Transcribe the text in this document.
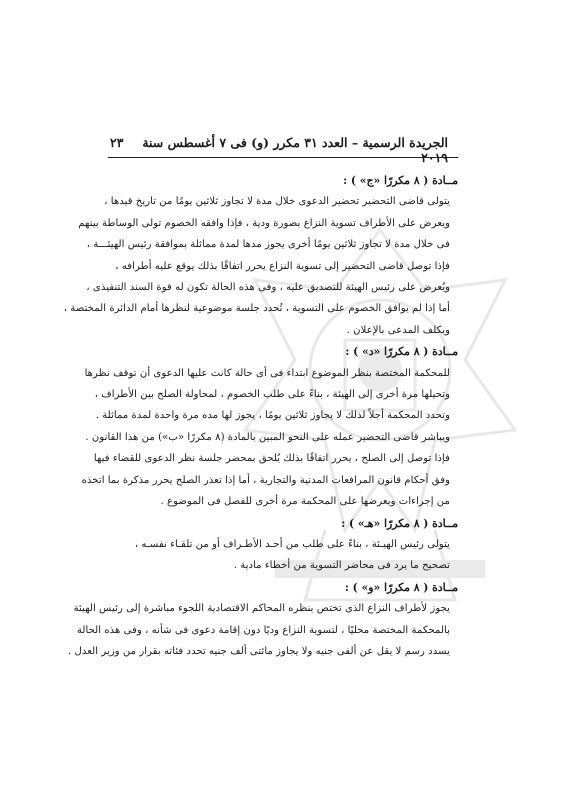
الجريدة الرسمية – العدد ٣١ مكرر (و) فى ٧ أغسطس سنة ٢٠١٩
٢٣
مــادة ( ٨ مكررًا «ج» ) :
يتولى قاضى التحضير تحضير الدعوى خلال مدة لا تجاوز ثلاثين يومًا من تاريخ قيدها ،
ويعرض على الأطراف تسوية النزاع بصورة ودية ، فإذا وافقه الخصوم تولى الوساطة بينهم
فى خلال مدة لا تجاوز ثلاثين يومًا أخرى يجوز مدها لمدة مماثلة بموافقة رئيس الهيئـــة ،
فإذا توصل قاضى التحضير إلى تسوية النزاع يحرر اتفاقًا بذلك يوقع عليه أطرافه ،
ويُعرض على رئيس الهيئة للتصديق عليه ، وفى هذه الحالة تكون له قوة السند التنفيذى ،
أما إذا لم يوافق الخصوم على التسوية ، تُحدد جلسة موضوعية لنظرها أمام الدائرة المختصة ،
ويكلف المدعى بالإعلان .
مــادة ( ٨ مكررًا «د» ) :
للمحكمة المختصة بنظر الموضوع ابتداء فى أى حالة كانت عليها الدعوى أن توقف نظرها
وتحيلها مرة أخرى إلى الهيئة ، بناءً على طلب الخصوم ، لمحاولة الصلح بين الأطراف ،
وتحدد المحكمة أجلاً لذلك لا يجاوز ثلاثين يومًا ، يجوز لها مده مرة واحدة لمدة مماثلة .
ويباشر قاضى التحضير عمله على النحو المبين بالمادة (٨ مكررًا «ب») من هذا القانون .
فإذا توصل إلى الصلح ، يحرر اتفاقًا بذلك يُلحق بمحضر جلسة نظر الدعوى للقضاء فيها
وفق أحكام قانون المرافعات المدنية والتجارية ، أما إذا تعذر الصلح يحرر مذكرة بما اتخذه
من إجراءات ويعرضها على المحكمة مرة أخرى للفصل فى الموضوع .
مــادة ( ٨ مكررًا «هـ» ) :
يتولى رئيس الهيـئة ، بناءً على طلب من أحـد الأطـراف أو من تلقـاء نفسـه ،
تصحيح ما يرد فى محاضر التسوية من أخطاء مادية .
مــادة ( ٨ مكررًا «و» ) :
يجوز لأطراف النزاع الذى تختص بنظره المحاكم الاقتصادية اللجوء مباشرة إلى رئيس الهيئة
بالمحكمة المختصة محليًا ، لتسوية النزاع وديًا دون إقامة دعوى فى شأنه ، وفى هذه الحالة
يسدد رسم لا يقل عن ألفى جنيه ولا يجاوز مائتى ألف جنيه تحدد فئاته بقرار من وزير العدل .
